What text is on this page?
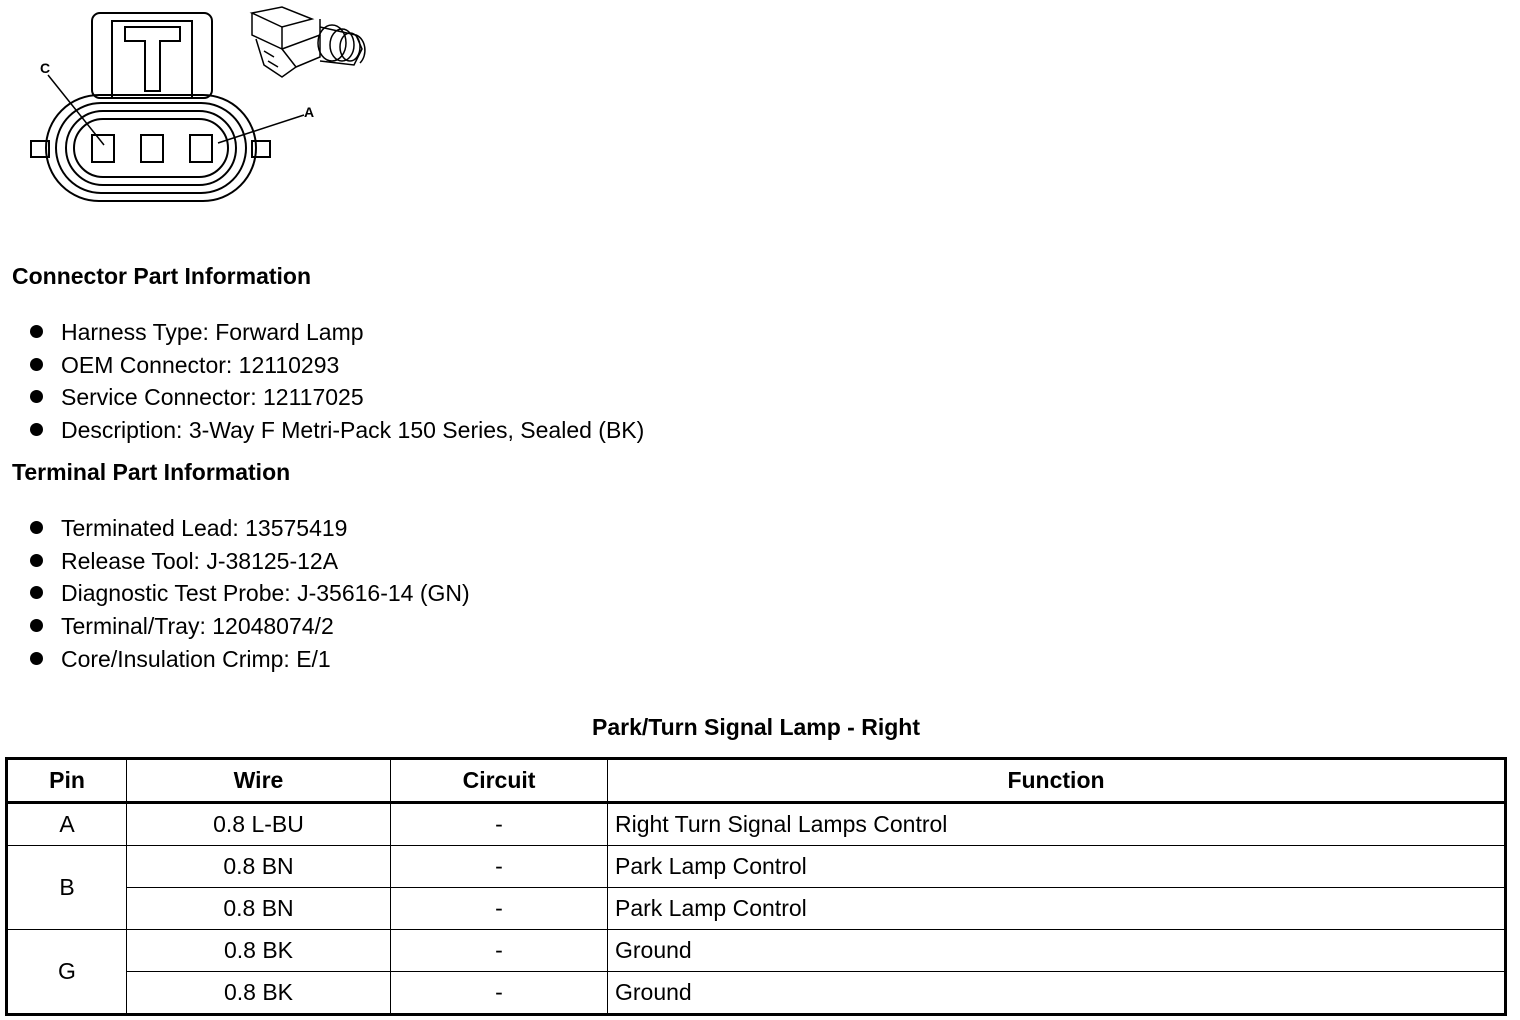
C
A
Connector Part Information
Harness Type: Forward Lamp
OEM Connector: 12110293
Service Connector: 12117025
Description: 3-Way F Metri-Pack 150 Series, Sealed (BK)
Terminal Part Information
Terminated Lead: 13575419
Release Tool: J-38125-12A
Diagnostic Test Probe: J-35616-14 (GN)
Terminal/Tray: 12048074/2
Core/Insulation Crimp: E/1
Park/Turn Signal Lamp - Right
Pin	Wire	Circuit	Function
A	0.8 L-BU	-	Right Turn Signal Lamps Control
B	0.8 BN	-	Park Lamp Control
	0.8 BN	-	Park Lamp Control
G	0.8 BK	-	Ground
	0.8 BK	-	Ground
